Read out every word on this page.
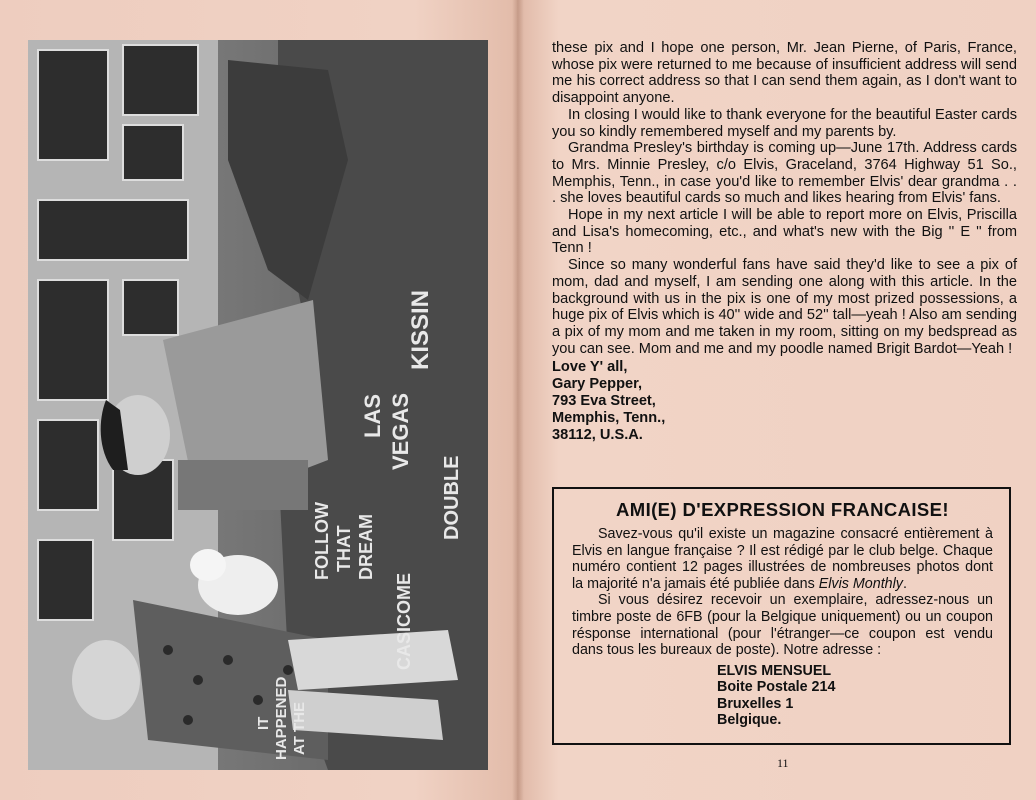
KISSIN
LAS VEGAS
FOLLOW THAT DREAM
DOUBLE
CASICOME
IT HAPPENED AT THE

these pix and I hope one person, Mr. Jean Pierne, of Paris, France, whose pix were returned to me because of insufficient address will send me his correct address so that I can send them again, as I don't want to disappoint anyone.

In closing I would like to thank everyone for the beautiful Easter cards you so kindly remembered myself and my parents by.

Grandma Presley's birthday is coming up—June 17th. Address cards to Mrs. Minnie Presley, c/o Elvis, Graceland, 3764 Highway 51 So., Memphis, Tenn., in case you'd like to remember Elvis' dear grandma . . . she loves beautiful cards so much and likes hearing from Elvis' fans.

Hope in my next article I will be able to report more on Elvis, Priscilla and Lisa's homecoming, etc., and what's new with the Big '' E '' from Tenn !

Since so many wonderful fans have said they'd like to see a pix of mom, dad and myself, I am sending one along with this article. In the background with us in the pix is one of my most prized possessions, a huge pix of Elvis which is 40'' wide and 52'' tall—yeah ! Also am sending a pix of my mom and me taken in my room, sitting on my bedspread as you can see. Mom and me and my poodle named Brigit Bardot—Yeah !

Love Y' all,
Gary Pepper,
793 Eva Street,
Memphis, Tenn.,
38112, U.S.A.
AMI(E) D'EXPRESSION FRANCAISE!

Savez-vous qu'il existe un magazine consacré entièrement à Elvis en langue française ? Il est rédigé par le club belge. Chaque numéro contient 12 pages illustrées de nombreuses photos dont la majorité n'a jamais été publiée dans Elvis Monthly.

Si vous désirez recevoir un exemplaire, adressez-nous un timbre poste de 6FB (pour la Belgique uniquement) ou un coupon résponse international (pour l'étranger—ce coupon est vendu dans tous les bureaux de poste). Notre adresse :

ELVIS MENSUEL
Boite Postale 214
Bruxelles 1
Belgique.
11
